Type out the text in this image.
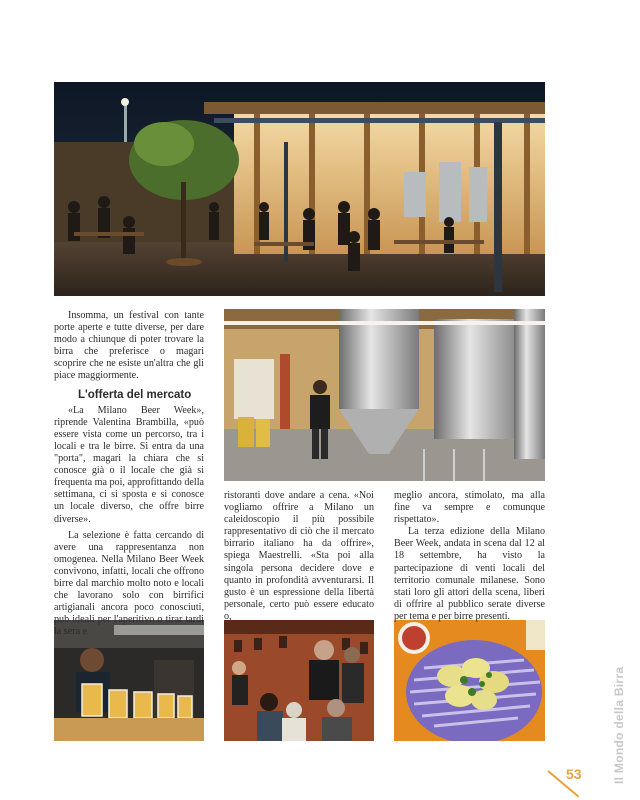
Insomma, un festival con tante porte aperte e tutte diverse, per dare modo a chiunque di poter trovare la birra che preferisce o magari scoprire che ne esiste un'altra che gli piace maggiormente.

L'offerta del mercato

«La Milano Beer Week», riprende Valentina Brambilla, «può essere vista come un percorso, tra i locali e tra le birre. Si entra da una "porta", magari la chiara che si conosce già o il locale che già si frequenta ma poi, approfittando della settimana, ci si sposta e si conosce un locale diverso, che offre birre diverse».

La selezione è fatta cercando di avere una rappresentanza non omogenea. Nella Milano Beer Week convivono, infatti, locali che offrono birre dal marchio molto noto e locali che lavorano solo con birrifici artigianali ancora poco conosciuti, pub ideali per l'aperitivo o tirar tardi la sera e

ristoranti dove andare a cena. «Noi vogliamo offrire a Milano un caleidoscopio il più possibile rappresentativo di ciò che il mercato birrario italiano ha da offrire», spiega Maestrelli. «Sta poi alla singola persona decidere dove e quanto in profondità avventurarsi. Il gusto è un espressione della libertà personale, certo può essere educato o,

meglio ancora, stimolato, ma alla fine va sempre e comunque rispettato».

La terza edizione della Milano Beer Week, andata in scena dal 12 al 18 settembre, ha visto la partecipazione di venti locali del territorio comunale milanese. Sono stati loro gli attori della scena, liberi di offrire al pubblico serate diverse per tema e per birre presenti.

Il Mondo della Birra
53
